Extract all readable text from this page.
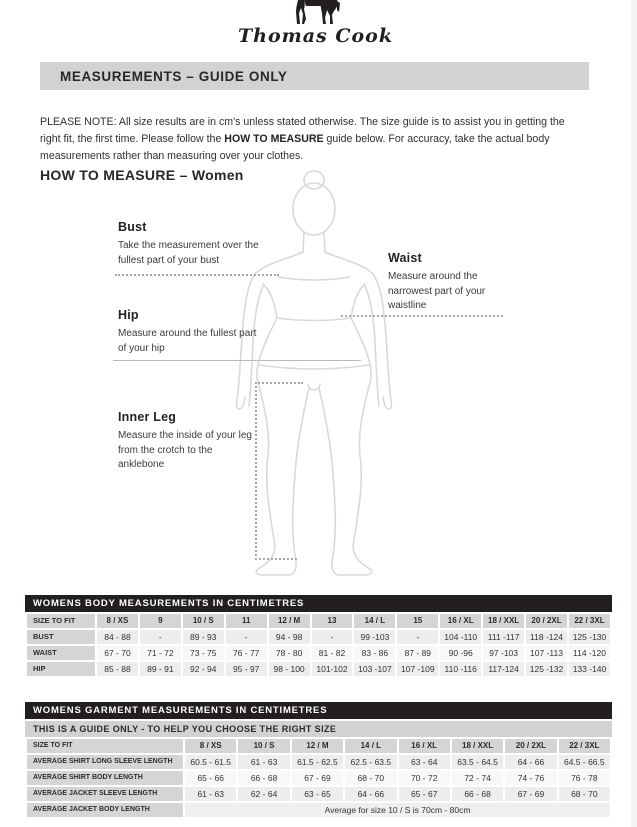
Thomas Cook
MEASUREMENTS – GUIDE ONLY

PLEASE NOTE: All size results are in cm's unless stated otherwise. The size guide is to assist you in getting the right fit, the first time. Please follow the HOW TO MEASURE guide below. For accuracy, take the actual body measurements rather than measuring over your clothes.

HOW TO MEASURE – Women
Bust

Take the measurement over the fullest part of your bust	Waist

Measure around the narrowest part of your waistline

Hip

Measure around the fullest part of your hip

Inner Leg

Measure the inside of your leg from the crotch to the anklebone

WOMENS BODY MEASUREMENTS IN CENTIMETRES
SIZE TO FIT	8 / XS	9	10 / S	11	12 / M	13	14 / L	15	16 / XL	18 / XXL	20 / 2XL	22 / 3XL
BUST	84 - 88	-	89 - 93	-	94 - 98	-	99 -103	-	104 -110	111 -117	118 -124	125 -130
WAIST	67 - 70	71 - 72	73 - 75	76 - 77	78 - 80	81 - 82	83 - 86	87 - 89	90 -96	97 -103	107 -113	114 -120
HIP	85 - 88	89 - 91	92 - 94	95 - 97	98 - 100	101-102	103 -107	107 -109	110 -116	117-124	125 -132	133 -140
WOMENS GARMENT MEASUREMENTS IN CENTIMETRES
THIS IS A GUIDE ONLY - TO HELP YOU CHOOSE THE RIGHT SIZE
SIZE TO FIT	8 / XS	10 / S	12 / M	14 / L	16 / XL	18 / XXL	20 / 2XL	22 / 3XL
AVERAGE SHIRT LONG SLEEVE LENGTH	60.5 - 61.5	61 - 63	61.5 - 62.5	62.5 - 63.5	63 - 64	63.5 - 64.5	64 - 66	64.5 - 66.5
AVERAGE SHIRT BODY LENGTH	65 - 66	66 - 68	67 - 69	68 - 70	70 - 72	72 - 74	74 - 76	76 - 78
AVERAGE JACKET SLEEVE LENGTH	61 - 63	62 - 64	63 - 65	64 - 66	65 - 67	66 - 68	67 - 69	68 - 70
AVERAGE JACKET BODY LENGTH	Average for size 10 / S is 70cm - 80cm							
